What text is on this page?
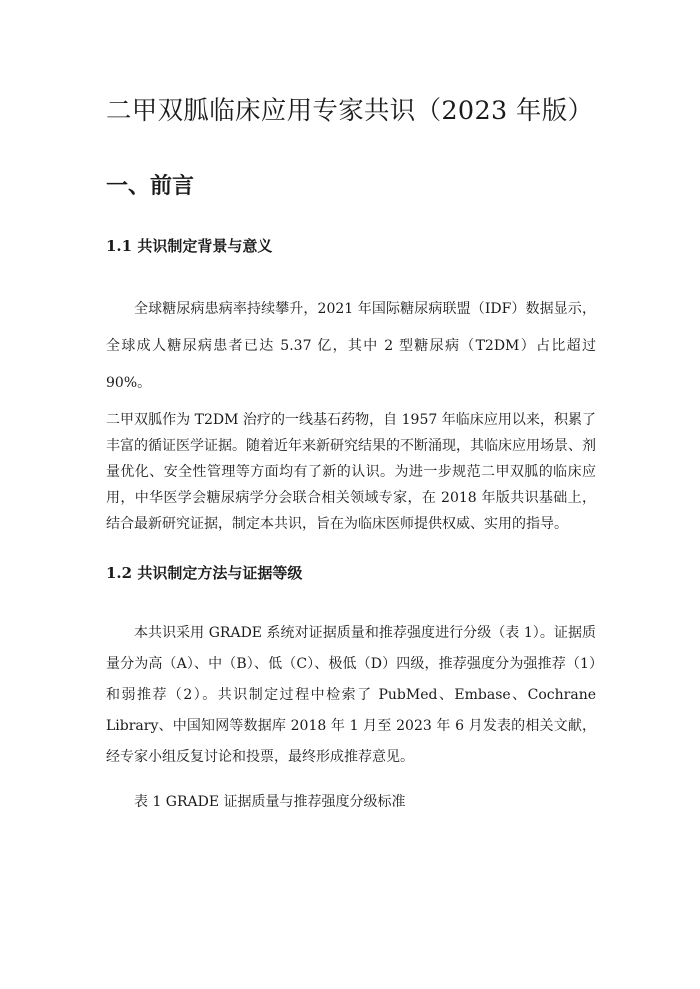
二甲双胍临床应用专家共识（2023 年版）
一、前言
1.1 共识制定背景与意义

全球糖尿病患病率持续攀升，2021 年国际糖尿病联盟（IDF）数据显示，全球成人糖尿病患者已达 5.37 亿，其中 2 型糖尿病（T2DM）占比超过 90%。

二甲双胍作为 T2DM 治疗的一线基石药物，自 1957 年临床应用以来，积累了丰富的循证医学证据。随着近年来新研究结果的不断涌现，其临床应用场景、剂量优化、安全性管理等方面均有了新的认识。为进一步规范二甲双胍的临床应用，中华医学会糖尿病学分会联合相关领域专家，在 2018 年版共识基础上，结合最新研究证据，制定本共识，旨在为临床医师提供权威、实用的指导。

1.2 共识制定方法与证据等级

本共识采用 GRADE 系统对证据质量和推荐强度进行分级（表 1）。证据质量分为高（A）、中（B）、低（C）、极低（D）四级，推荐强度分为强推荐（1）和弱推荐（2）。共识制定过程中检索了 PubMed、Embase、Cochrane Library、中国知网等数据库 2018 年 1 月至 2023 年 6 月发表的相关文献，经专家小组反复讨论和投票，最终形成推荐意见。

表 1 GRADE 证据质量与推荐强度分级标准
